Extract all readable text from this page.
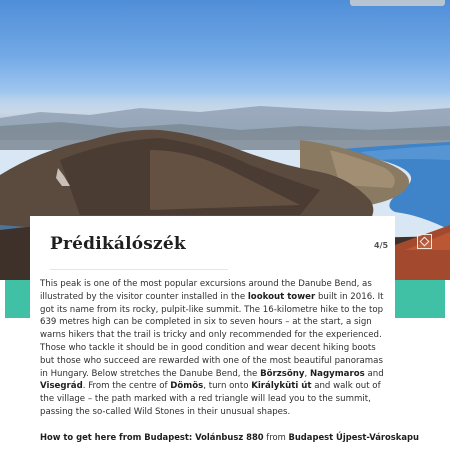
Prédikálószék	4/5

This peak is one of the most popular excursions around the Danube Bend, as illustrated by the visitor counter installed in the lookout tower built in 2016. It got its name from its rocky, pulpit-like summit. The 16-kilometre hike to the top 639 metres high can be completed in six to seven hours – at the start, a sign warns hikers that the trail is tricky and only recommended for the experienced. Those who tackle it should be in good condition and wear decent hiking boots but those who succeed are rewarded with one of the most beautiful panoramas in Hungary. Below stretches the Danube Bend, the Börzsöny, Nagymaros and Visegrád. From the centre of Dömös, turn onto Királyküti út and walk out of the village – the path marked with a red triangle will lead you to the summit, passing the so-called Wild Stones in their unusual shapes.

How to get here from Budapest: Volánbusz 880 from Budapest Újpest-Városkapu
